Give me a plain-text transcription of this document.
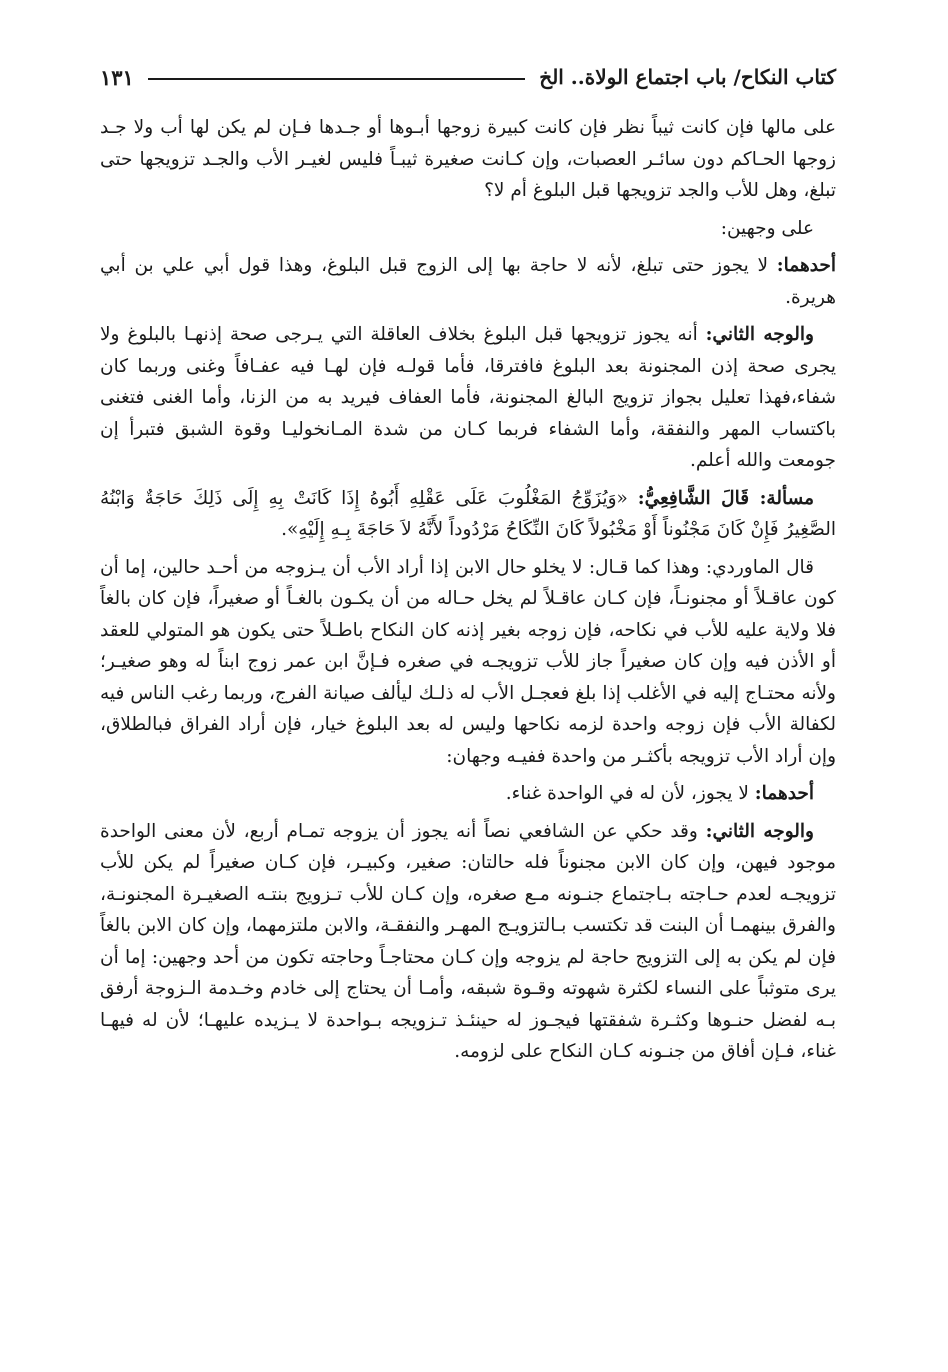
كتاب النكاح/ باب اجتماع الولاة.. الخ
١٣١

على مالها فإن كانت ثيباً نظر فإن كانت كبيرة زوجها أبـوها أو جـدها فـإن لم يكن لها أب ولا جـد زوجها الحـاكم دون سائـر العصبات، وإن كـانت صغيرة ثيبـاً فليس لغيـر الأب والجـد تزويجها حتى تبلغ، وهل للأب والجد تزويجها قبل البلوغ أم لا؟

على وجهين:

أحدهما: لا يجوز حتى تبلغ، لأنه لا حاجة بها إلى الزوج قبل البلوغ، وهذا قول أبي علي بن أبي هريرة.

والوجه الثاني: أنه يجوز تزويجها قبل البلوغ بخلاف العاقلة التي يـرجى صحة إذنهـا بالبلوغ ولا يجرى صحة إذن المجنونة بعد البلوغ فافترقا، فأما قولـه فإن لهـا فيه عفـافاً وغنى وربما كان شفاء،فهذا تعليل بجواز تزويج البالغ المجنونة، فأما العفاف فيريد به من الزنا، وأما الغنى فتغنى باكتساب المهر والنفقة، وأما الشفاء فربما كـان من شدة المـانخوليـا وقوة الشبق فتبرأ إن جومعت والله أعلم.

مسألة: قَالَ الشَّافِعِيُّ: «وَيُزَوِّجُ المَغْلُوبَ عَلَى عَقْلِهِ أَبُوهُ إِذَا كَانَتْ بِهِ إِلَى ذَلِكَ حَاجَةٌ وَابْنُهُ الصَّغِيرُ فَإِنْ كَانَ مَجْنُوناً أَوْ مَخْبُولاً كَانَ النِّكَاحُ مَرْدُوداً لأَنَّهُ لاَ حَاجَةَ بِـهِ إِلَيْهِ».

قال الماوردي: وهذا كما قـال: لا يخلو حال الابن إذا أراد الأب أن يـزوجه من أحـد حالين، إما أن كون عاقـلاً أو مجنونـاً، فإن كـان عاقـلاً لم يخل حـاله من أن يكـون بالغـاً أو صغيراً، فإن كان بالغاً فلا ولاية عليه للأب في نكاحه، فإن زوجه بغير إذنه كان النكاح باطـلاً حتى يكون هو المتولي للعقد أو الأذن فيه وإن كان صغيراً جاز للأب تزويجـه في صغره فـإنَّ ابن عمر زوج ابناً له وهو صغيـر؛ ولأنه محتـاج إليه في الأغلب إذا بلغ فعجـل الأب له ذلـك ليألف صيانة الفرج، وربما رغب الناس فيه لكفالة الأب فإن زوجه واحدة لزمه نكاحها وليس له بعد البلوغ خيار، فإن أراد الفراق فبالطلاق، وإن أراد الأب تزويجه بأكثـر من واحدة ففيـه وجهان:

أحدهما: لا يجوز، لأن له في الواحدة غناء.

والوجه الثاني: وقد حكي عن الشافعي نصاً أنه يجوز أن يزوجه تمـام أربع، لأن معنى الواحدة موجود فيهن، وإن كان الابن مجنوناً فله حالتان: صغير، وكبيـر، فإن كـان صغيراً لم يكن للأب تزويجـه لعدم حـاجته بـاجتماع جنـونه مـع صغره، وإن كـان للأب تـزويج بنتـه الصغيـرة المجنونـة، والفرق بينهمـا أن البنت قد تكتسب بـالتزويـج المهـر والنفقـة، والابن ملتزمهما، وإن كان الابن بالغاً فإن لم يكن به إلى التزويج حاجة لم يزوجه وإن كـان محتاجـاً وحاجته تكون من أحد وجهين: إما أن يرى متوثباً على النساء لكثرة شهوته وقـوة شبقه، وأمـا أن يحتاج إلى خادم وخـدمة الـزوجة أرفق بـه لفضل حنـوها وكثـرة شفقتها فيجـوز له حينئـذ تـزويجه بـواحدة لا يـزيده عليهـا؛ لأن له فيهـا غناء، فـإن أفاق من جنـونه كـان النكاح على لزومه.
